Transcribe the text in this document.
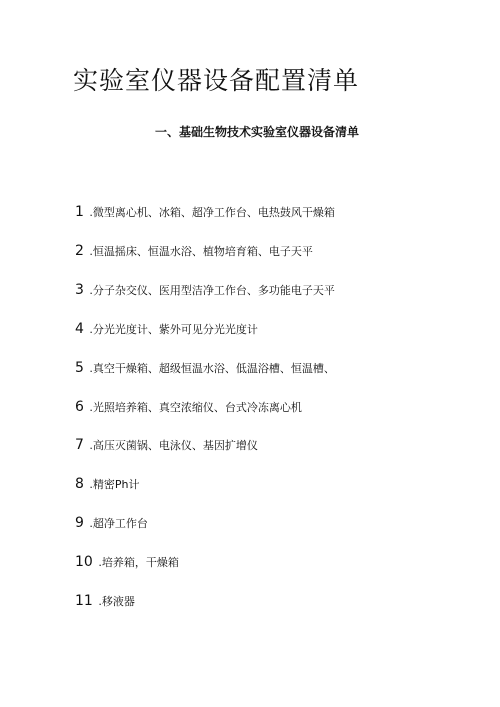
实验室仪器设备配置清单
一、基础生物技术实验室仪器设备清单
1 .微型离心机、冰箱、超净工作台、电热鼓风干燥箱
2 .恒温摇床、恒温水浴、植物培育箱、电子天平
3 .分子杂交仪、医用型洁净工作台、多功能电子天平
4 .分光光度计、紫外可见分光光度计
5 .真空干燥箱、超级恒温水浴、低温浴槽、恒温槽、
6 .光照培养箱、真空浓缩仪、台式冷冻离心机
7 .高压灭菌锅、电泳仪、基因扩增仪
8 .精密Ph计
9 .超净工作台
10 .培养箱，干燥箱
11 .移液器
